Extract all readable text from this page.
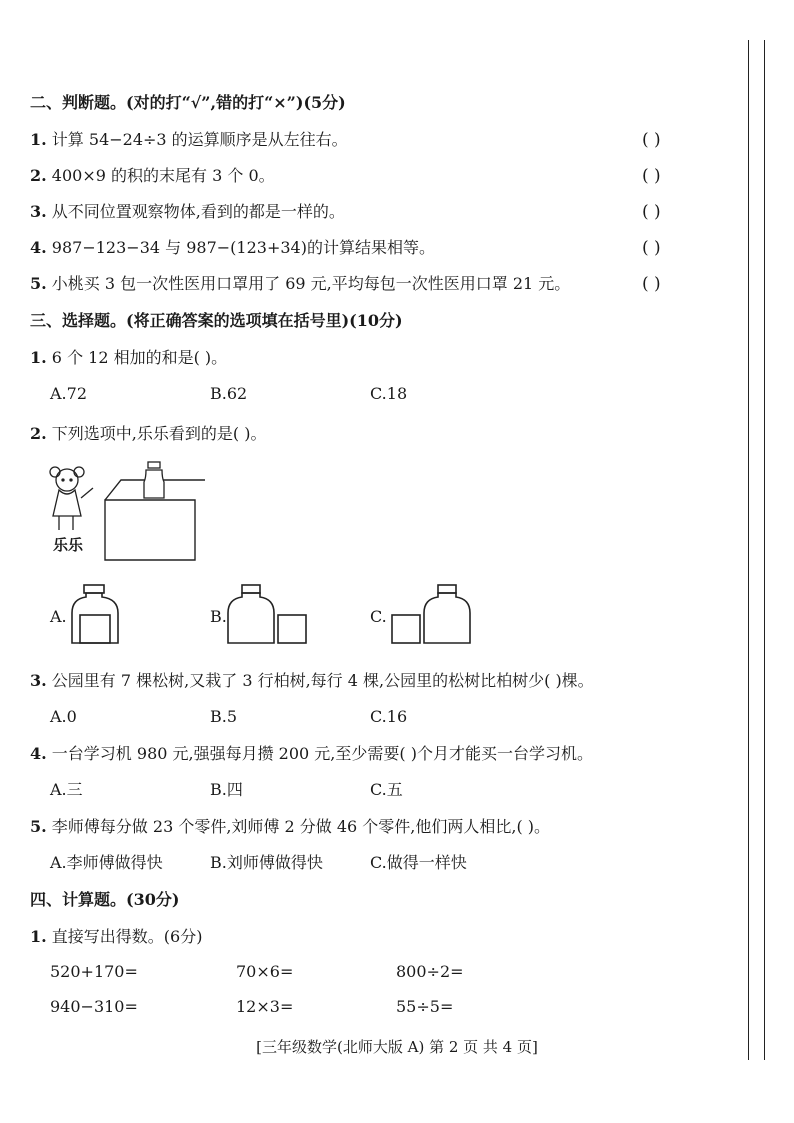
二、判断题。(对的打“√”,错的打“×”)(5分)
1. 计算 54−24÷3 的运算顺序是从左往右。	( )
2. 400×9 的积的末尾有 3 个 0。	( )
3. 从不同位置观察物体,看到的都是一样的。	( )
4. 987−123−34 与 987−(123+34)的计算结果相等。	( )
5. 小桃买 3 包一次性医用口罩用了 69 元,平均每包一次性医用口罩 21 元。	( )
三、选择题。(将正确答案的选项填在括号里)(10分)
1. 6 个 12 相加的和是( )。
A.72	B.62	C.18
2. 下列选项中,乐乐看到的是( )。
乐乐
A.	B.	C.
3. 公园里有 7 棵松树,又栽了 3 行柏树,每行 4 棵,公园里的松树比柏树少( )棵。
A.0	B.5	C.16
4. 一台学习机 980 元,强强每月攒 200 元,至少需要( )个月才能买一台学习机。
A.三	B.四	C.五
5. 李师傅每分做 23 个零件,刘师傅 2 分做 46 个零件,他们两人相比,( )。
A.李师傅做得快	B.刘师傅做得快	C.做得一样快
四、计算题。(30分)
1. 直接写出得数。(6分)
520+170=	70×6=	800÷2=
940−310=	12×3=	55÷5=
[三年级数学(北师大版 A) 第 2 页 共 4 页]
